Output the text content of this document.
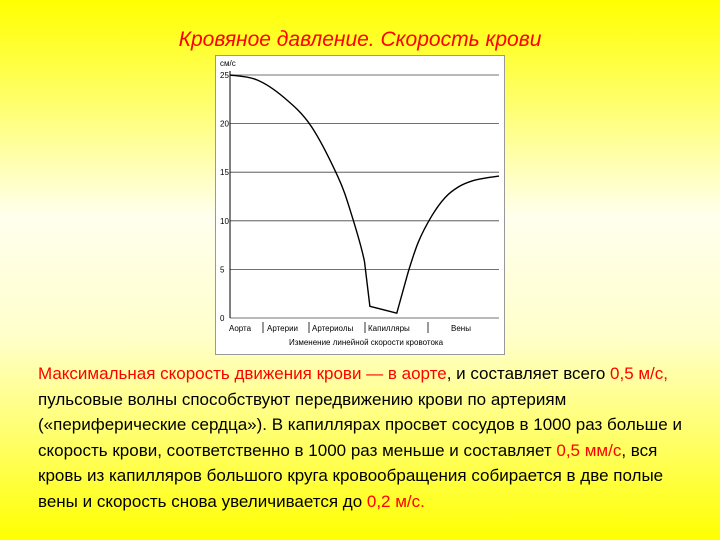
Кровяное давление. Скорость крови
см/с
25
20
15
10
5
0
Аорта Артерии Артериолы Капилляры	Вены
Изменение линейной скорости кровотока
Максимальная скорость движения крови — в аорте, и составляет всего 0,5 м/с, пульсовые волны способствуют передвижению крови по артериям («периферические сердца»). В капиллярах просвет сосудов в 1000 раз больше и скорость крови, соответственно в 1000 раз меньше и составляет 0,5 мм/с, вся кровь из капилляров большого круга кровообращения собирается в две полые вены и скорость снова увеличивается до 0,2 м/с.
